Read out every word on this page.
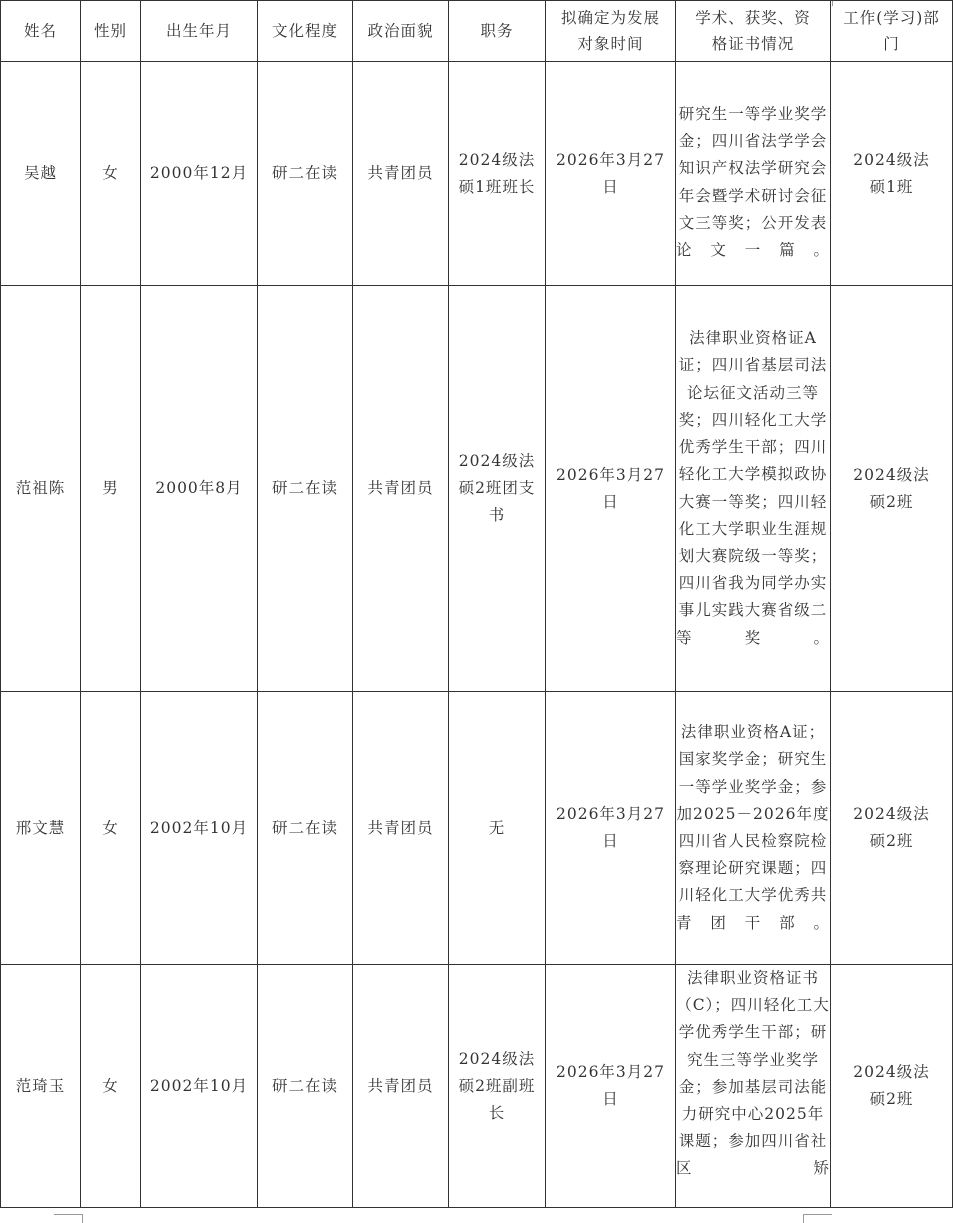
姓名	性别	出生年月	文化程度	政治面貌	职务	拟确定为发展对象时间	学术、获奖、资格证书情况	工作(学习)部门
吴越	女	2000年12月	研二在读	共青团员	2024级法硕1班班长	2026年3月27日	研究生一等学业奖学金；四川省法学学会知识产权法学研究会年会暨学术研讨会征文三等奖；公开发表论文一篇。	2024级法硕1班
范祖陈	男	2000年8月	研二在读	共青团员	2024级法硕2班团支书	2026年3月27日	法律职业资格证A证；四川省基层司法论坛征文活动三等奖；四川轻化工大学优秀学生干部；四川轻化工大学模拟政协大赛一等奖；四川轻化工大学职业生涯规划大赛院级一等奖；四川省我为同学办实事儿实践大赛省级二等奖。	2024级法硕2班
邢文慧	女	2002年10月	研二在读	共青团员	无	2026年3月27日	法律职业资格A证；国家奖学金；研究生一等学业奖学金；参加2025－2026年度四川省人民检察院检察理论研究课题；四川轻化工大学优秀共青团干部。	2024级法硕2班
范琦玉	女	2002年10月	研二在读	共青团员	2024级法硕2班副班长	2026年3月27日	法律职业资格证书（C）；四川轻化工大学优秀学生干部；研究生三等学业奖学金；参加基层司法能力研究中心2025年课题；参加四川省社区矫	2024级法硕2班
